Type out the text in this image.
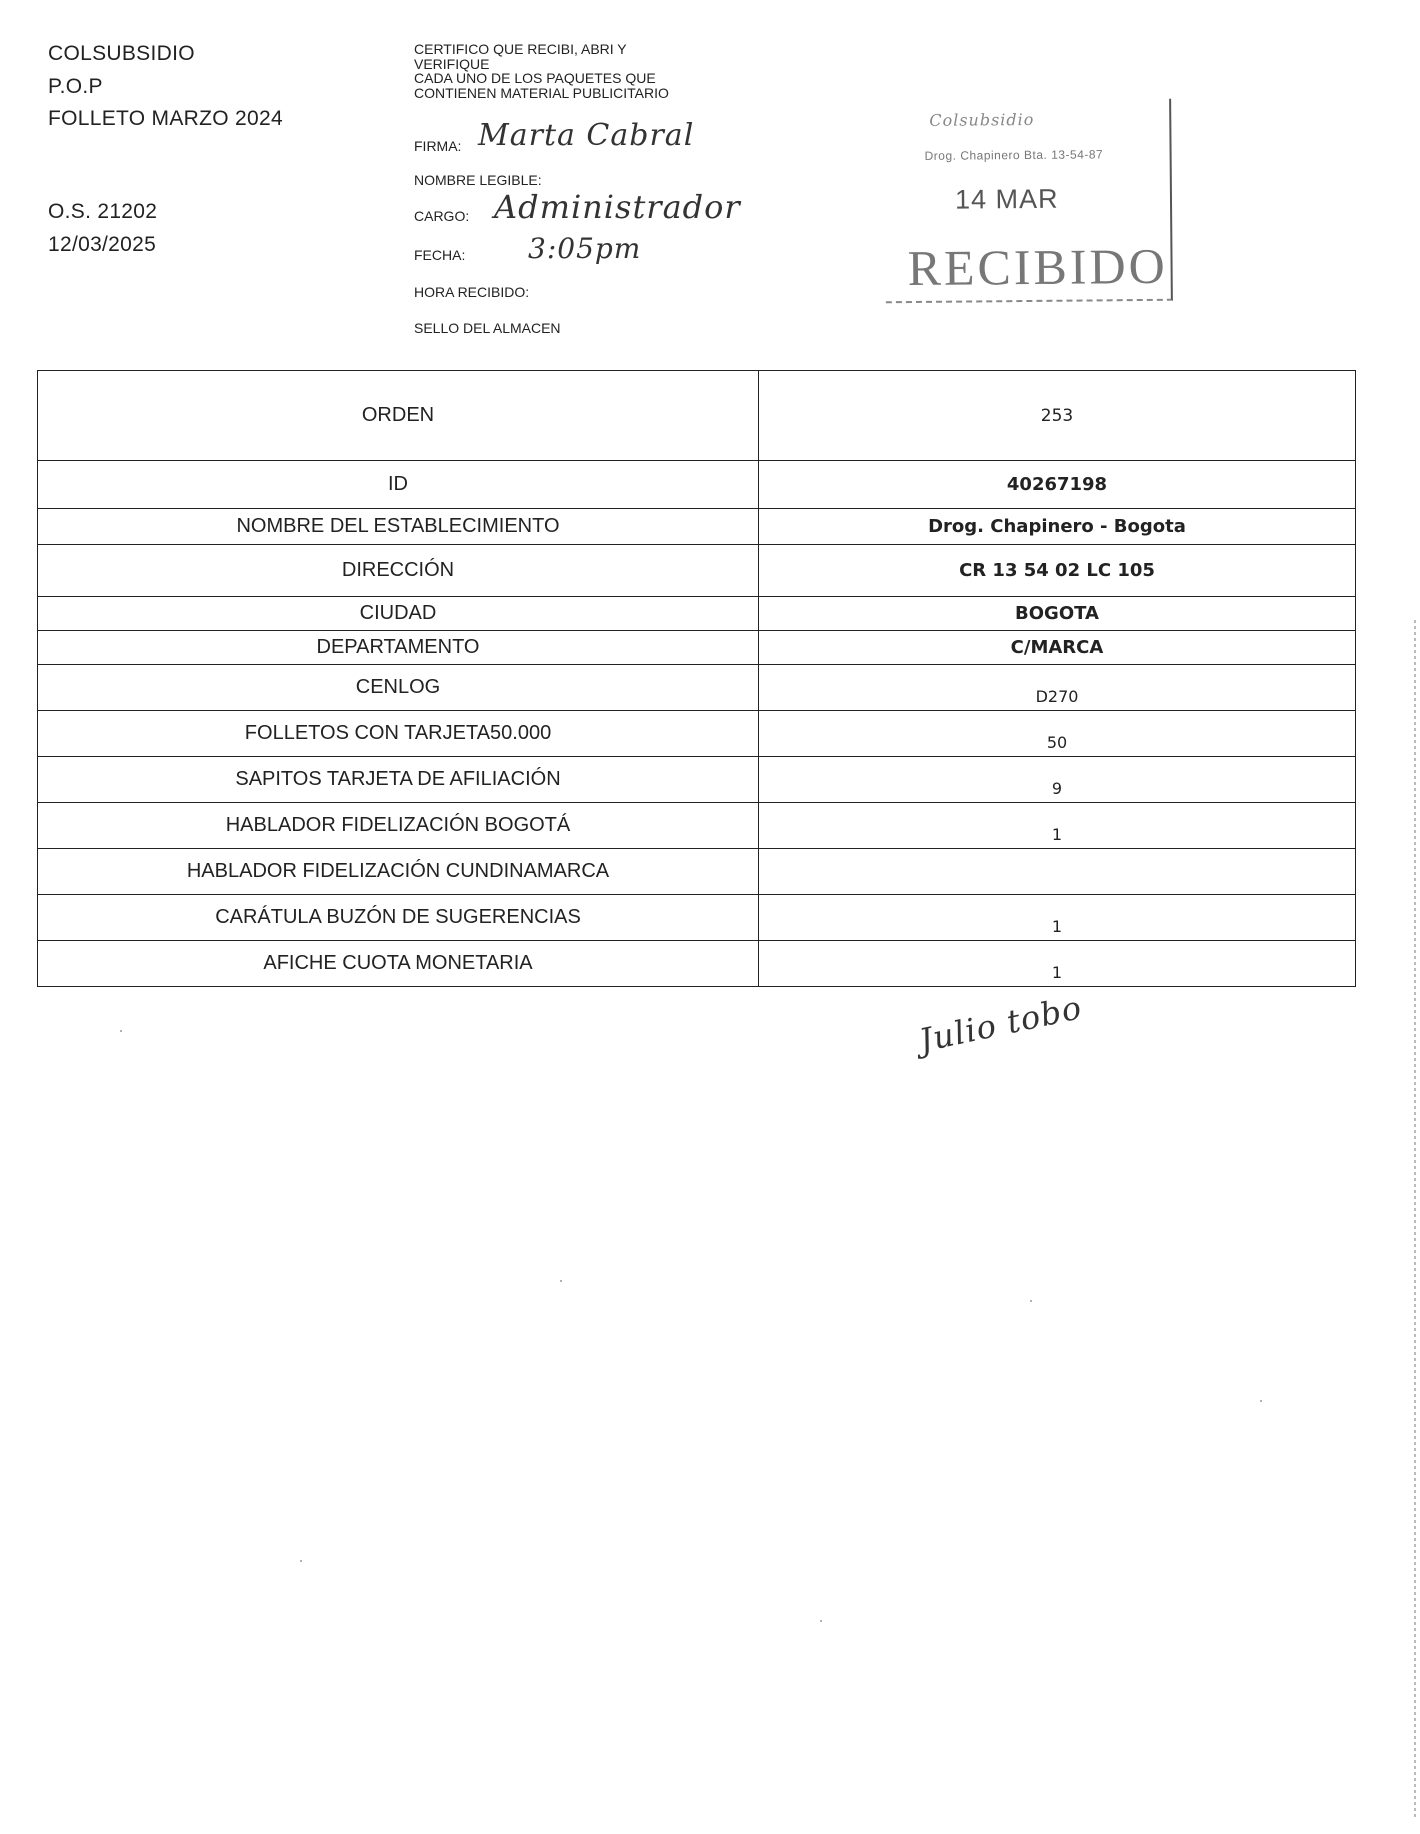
COLSUBSIDIO
P.O.P
FOLLETO MARZO 2024
O.S. 21202
12/03/2025
CERTIFICO QUE RECIBI, ABRI Y
VERIFIQUE
CADA UNO DE LOS PAQUETES QUE
CONTIENEN MATERIAL PUBLICITARIO
FIRMA: Marta Cabral
NOMBRE LEGIBLE:
CARGO: Administrador
FECHA: 3:05pm
HORA RECIBIDO:
SELLO DEL ALMACEN
Colsubsidio
Drog. Chapinero Bta. 13-54-87
14 MAR
RECIBIDO
ORDEN	253
ID	40267198
NOMBRE DEL ESTABLECIMIENTO	Drog. Chapinero - Bogota
DIRECCIÓN	CR 13 54 02 LC 105
CIUDAD	BOGOTA
DEPARTAMENTO	C/MARCA
CENLOG	D270
FOLLETOS CON TARJETA50.000	50
SAPITOS TARJETA DE AFILIACIÓN	9
HABLADOR FIDELIZACIÓN BOGOTÁ	1
HABLADOR FIDELIZACIÓN CUNDINAMARCA	
CARÁTULA BUZÓN DE SUGERENCIAS	1
AFICHE CUOTA MONETARIA	1
Julio tobo
